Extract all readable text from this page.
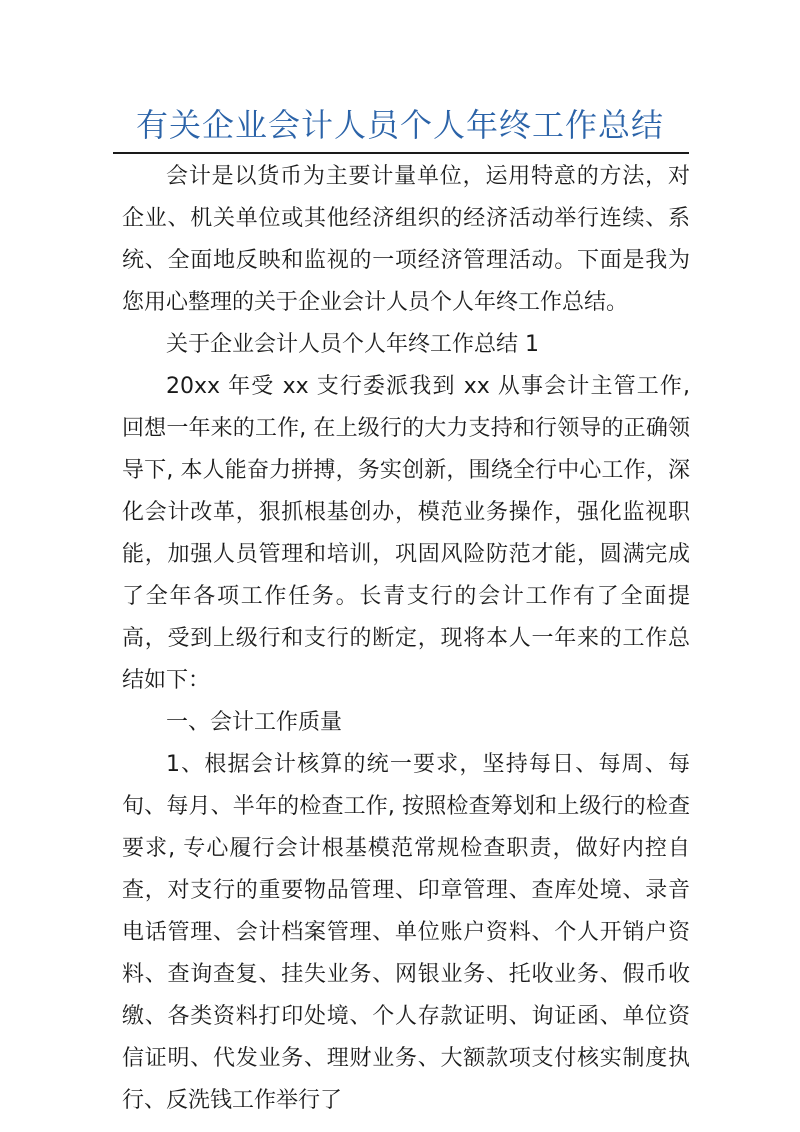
有关企业会计人员个人年终工作总结

会计是以货币为主要计量单位，运用特意的方法，对企业、机关单位或其他经济组织的经济活动举行连续、系统、全面地反映和监视的一项经济管理活动。下面是我为您用心整理的关于企业会计人员个人年终工作总结。

关于企业会计人员个人年终工作总结 1

20xx 年受 xx 支行委派我到 xx 从事会计主管工作, 回想一年来的工作, 在上级行的大力支持和行领导的正确领导下, 本人能奋力拼搏，务实创新，围绕全行中心工作，深化会计改革，狠抓根基创办，模范业务操作，强化监视职能，加强人员管理和培训，巩固风险防范才能，圆满完成了全年各项工作任务。长青支行的会计工作有了全面提高，受到上级行和支行的断定，现将本人一年来的工作总结如下：

一、会计工作质量

1、根据会计核算的统一要求，坚持每日、每周、每旬、每月、半年的检查工作, 按照检查筹划和上级行的检查要求, 专心履行会计根基模范常规检查职责，做好内控自查，对支行的重要物品管理、印章管理、查库处境、录音电话管理、会计档案管理、单位账户资料、个人开销户资料、查询查复、挂失业务、网银业务、托收业务、假币收缴、各类资料打印处境、个人存款证明、询证函、单位资信证明、代发业务、理财业务、大额款项支付核实制度执行、反洗钱工作举行了
